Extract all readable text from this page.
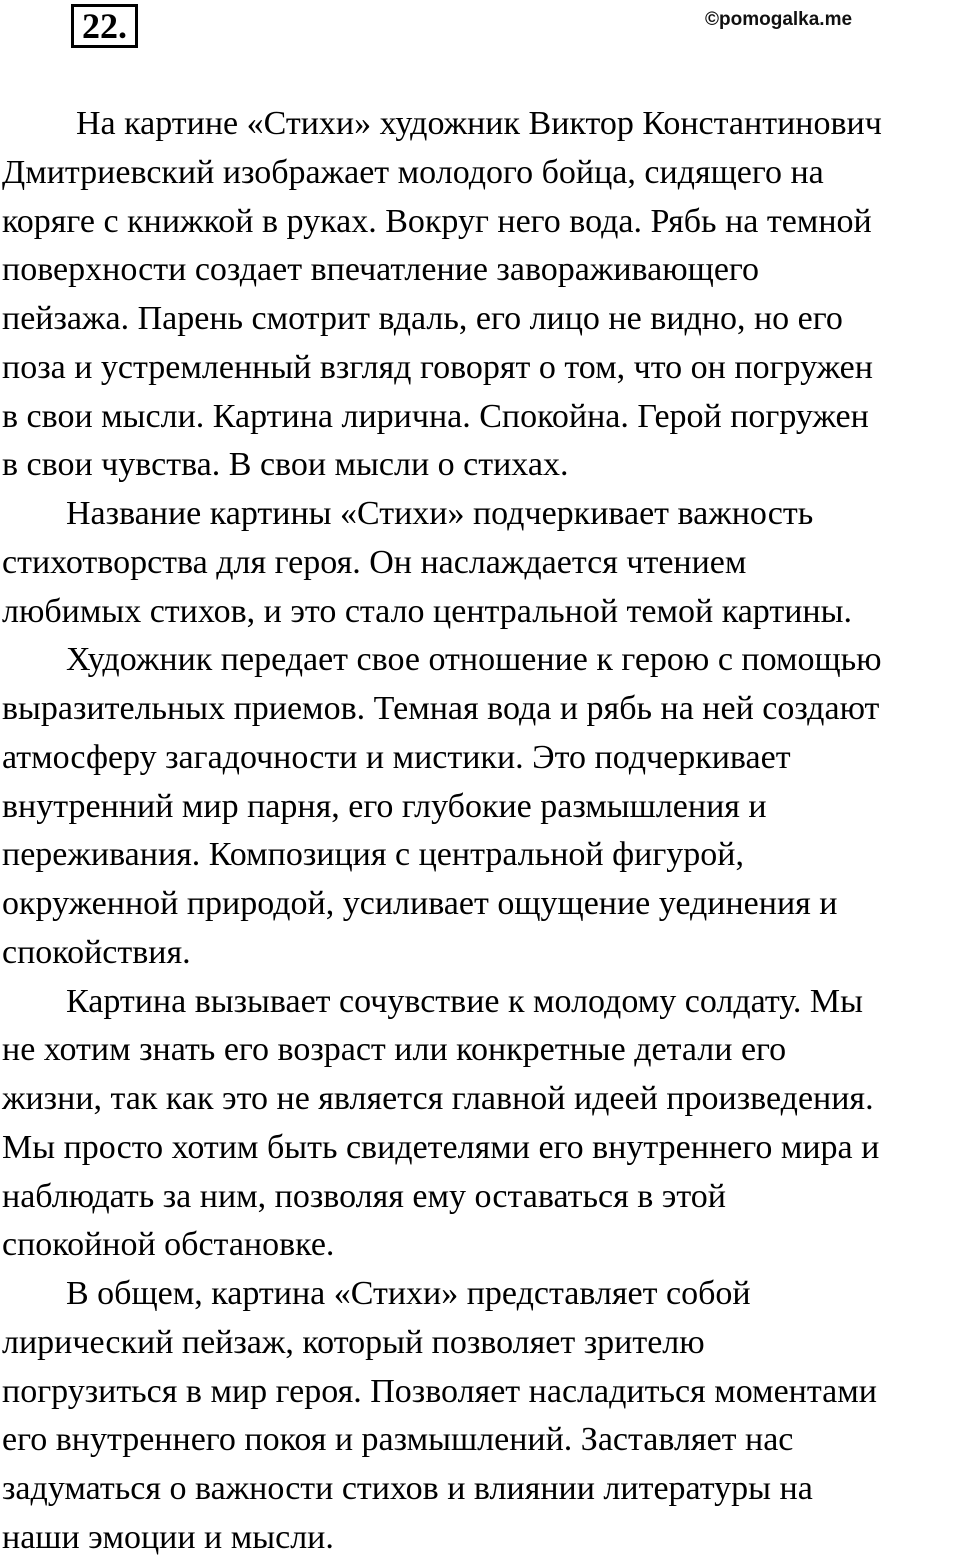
22.	©pomogalka.me
На картине «Стихи» художник Виктор Константинович
Дмитриевский изображает молодого бойца, сидящего на
коряге с книжкой в руках. Вокруг него вода. Рябь на темной
поверхности создает впечатление завораживающего
пейзажа. Парень смотрит вдаль, его лицо не видно, но его
поза и устремленный взгляд говорят о том, что он погружен
в свои мысли. Картина лирична. Спокойна. Герой погружен
в свои чувства. В свои мысли о стихах.
Название картины «Стихи» подчеркивает важность
стихотворства для героя. Он наслаждается чтением
любимых стихов, и это стало центральной темой картины.
Художник передает свое отношение к герою с помощью
выразительных приемов. Темная вода и рябь на ней создают
атмосферу загадочности и мистики. Это подчеркивает
внутренний мир парня, его глубокие размышления и
переживания. Композиция с центральной фигурой,
окруженной природой, усиливает ощущение уединения и
спокойствия.
Картина вызывает сочувствие к молодому солдату. Мы
не хотим знать его возраст или конкретные детали его
жизни, так как это не является главной идеей произведения.
Мы просто хотим быть свидетелями его внутреннего мира и
наблюдать за ним, позволяя ему оставаться в этой
спокойной обстановке.
В общем, картина «Стихи» представляет собой
лирический пейзаж, который позволяет зрителю
погрузиться в мир героя. Позволяет насладиться моментами
его внутреннего покоя и размышлений. Заставляет нас
задуматься о важности стихов и влиянии литературы на
наши эмоции и мысли.
